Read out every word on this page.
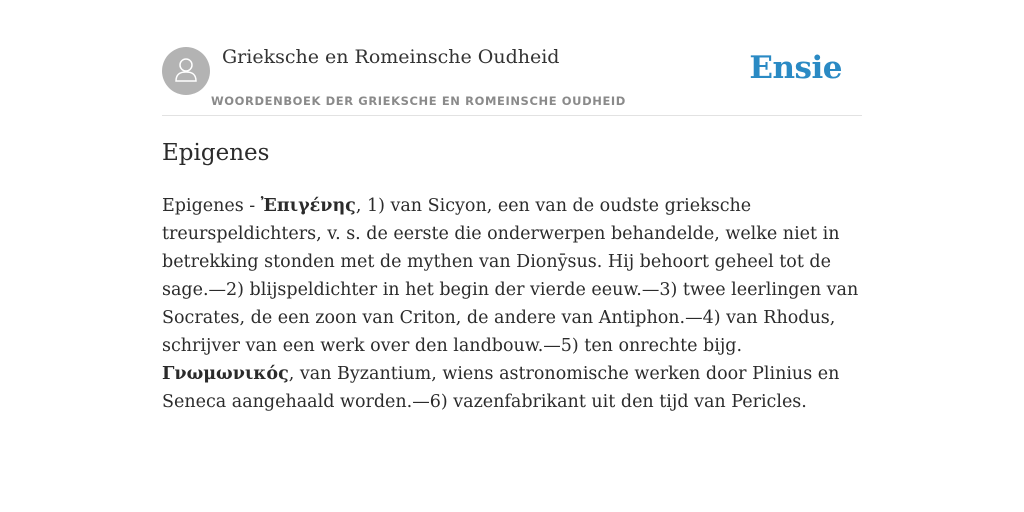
Grieksche en Romeinsche Oudheid
WOORDENBOEK DER GRIEKSCHE EN ROMEINSCHE OUDHEID
Ensie
Epigenes

Epigenes - Ἐπιγένης, 1) van Sicyon, een van de oudste grieksche treurspeldichters, v. s. de eerste die onderwerpen behandelde, welke niet in betrekking stonden met de mythen van Dionȳsus. Hij behoort geheel tot de sage.—2) blijspeldichter in het begin der vierde eeuw.—3) twee leerlingen van Socrates, de een zoon van Criton, de andere van Antiphon.—4) van Rhodus, schrijver van een werk over den landbouw.—5) ten onrechte bijg. Γνωμωνικός, van Byzantium, wiens astronomische werken door Plinius en Seneca aangehaald worden.—6) vazenfabrikant uit den tijd van Pericles.
